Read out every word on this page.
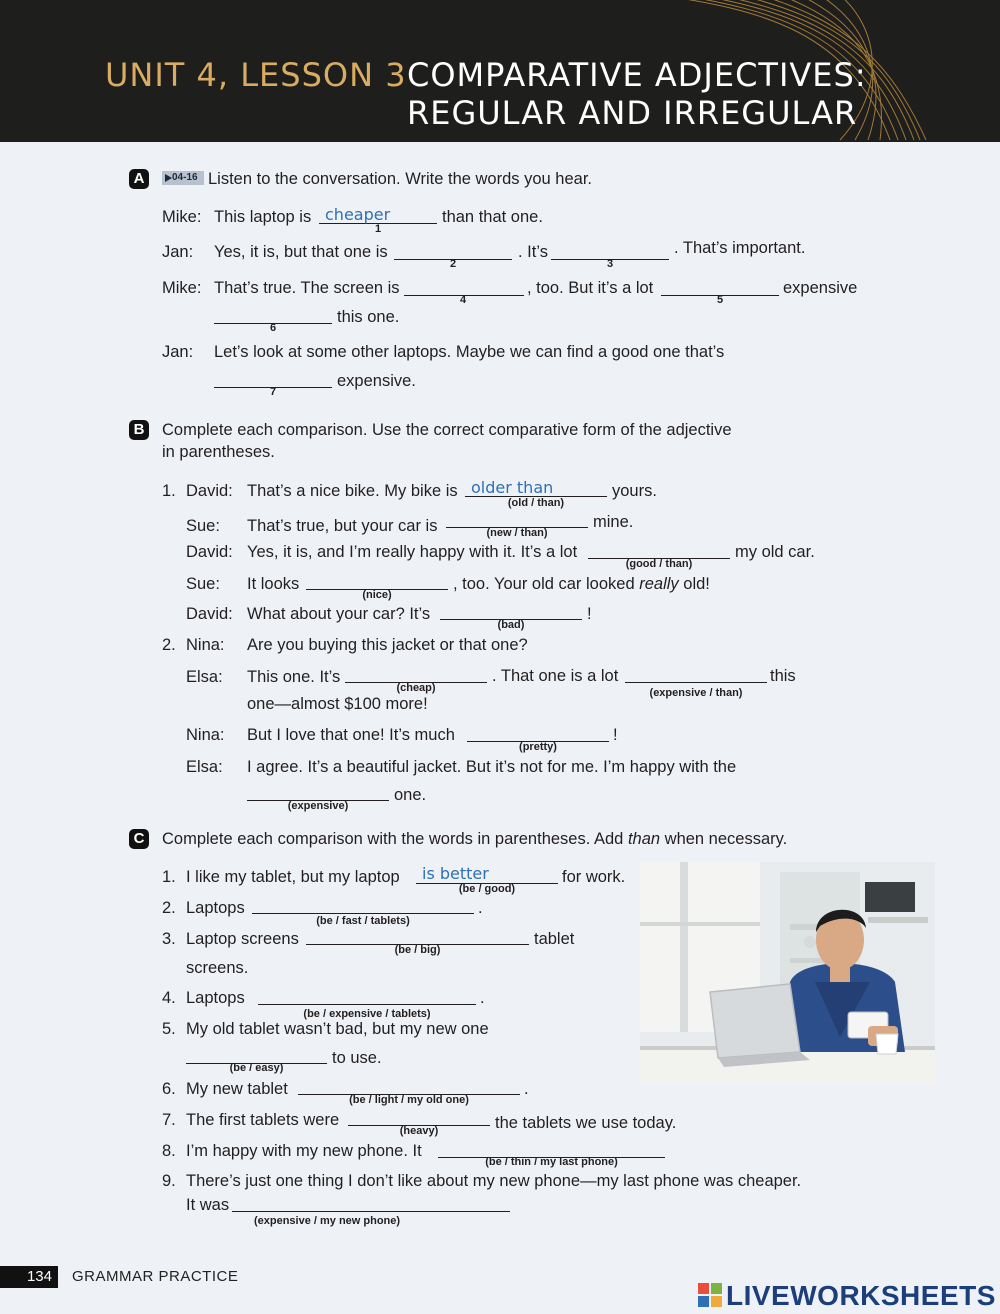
UNIT 4, LESSON 3 COMPARATIVE ADJECTIVES:
REGULAR AND IRREGULAR
A	04-16 Listen to the conversation. Write the words you hear.
Mike: This laptop is cheaper
1
than that one.
Jan: Yes, it is, but that one is
2
. It’s
3
. That’s important.
Mike: That’s true. The screen is
4
, too. But it’s a lot
5
expensive
6
this one.
Jan: Let’s look at some other laptops. Maybe we can find a good one that’s
7
expensive.
B Complete each comparison. Use the correct comparative form of the adjective
in parentheses.
1. David: That’s a nice bike. My bike is older than
(old / than)
yours.
Sue: That’s true, but your car is	(new / than)
mine.
David: Yes, it is, and I’m really happy with it. It’s a lot
(good / than)
my old car.
Sue: It looks
(nice)
, too. Your old car looked really old!
David: What about your car? It’s
(bad)
!
2. Nina: Are you buying this jacket or that one?
Elsa: This one. It’s
(cheap)
. That one is a lot
(expensive / than)
this
one—almost $100 more!
Nina: But I love that one! It’s much
(pretty)
!
Elsa: I agree. It’s a beautiful jacket. But it’s not for me. I’m happy with the
(expensive)
one.
C Complete each comparison with the words in parentheses. Add than when necessary.
1. I like my tablet, but my laptop is better
(be / good)
for work.
2. Laptops
(be / fast / tablets)
.
3. Laptop screens
(be / big)
tablet
screens.
4. Laptops
(be / expensive / tablets)
.
5. My old tablet wasn’t bad, but my new one
(be / easy)
to use.
6. My new tablet
(be / light / my old one)
.
7. The first tablets were
(heavy)	the tablets we use today.
8. I’m happy with my new phone. It
(be / thin / my last phone)
9. There’s just one thing I don’t like about my new phone—my last phone was cheaper.
It was
(expensive / my new phone)
134	GRAMMAR PRACTICE
LIVEWORKSHEETS
